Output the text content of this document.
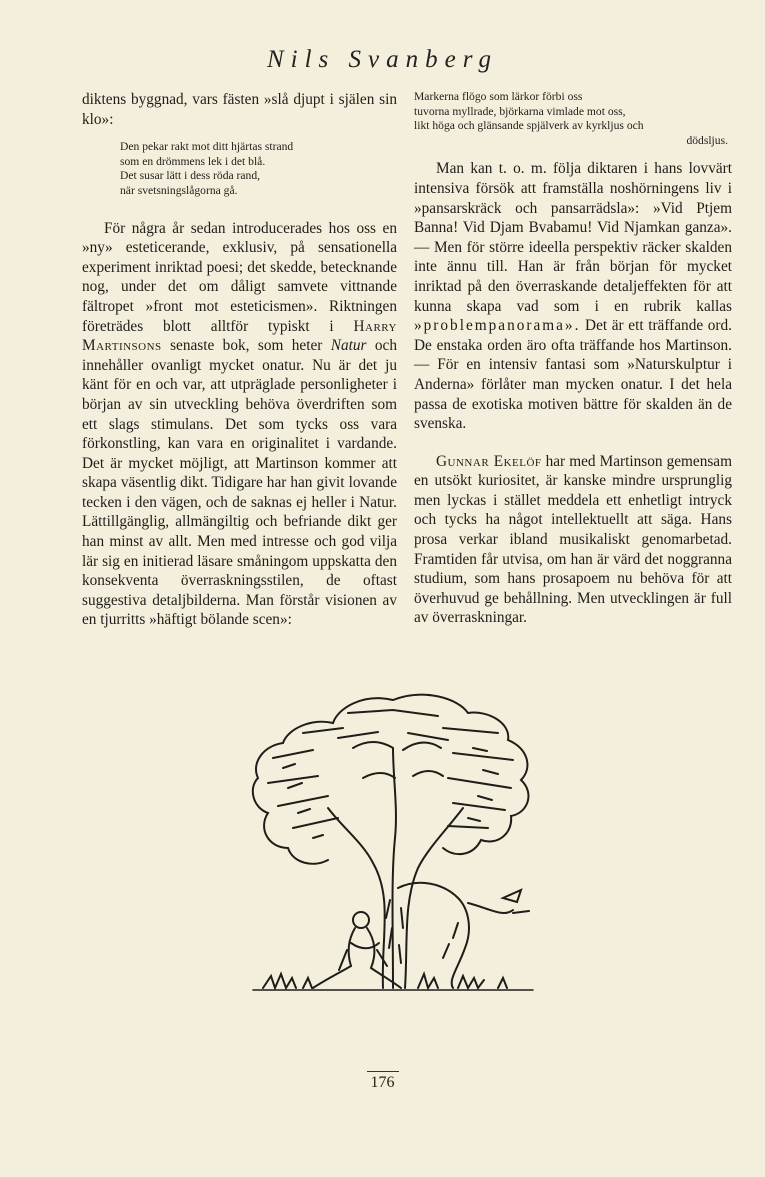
Nils Svanberg

diktens byggnad, vars fästen »slå djupt i själen sin klo»:

Den pekar rakt mot ditt hjärtas strand
som en drömmens lek i det blå.
Det susar lätt i dess röda rand,
när svetsningslågorna gå.

För några år sedan introducerades hos oss en »ny» esteticerande, exklusiv, på sensationella experiment inriktad poesi; det skedde, betecknande nog, under det om dåligt samvete vittnande fältropet »front mot esteticismen». Riktningen företrädes blott alltför typiskt i Harry Martinsons senaste bok, som heter Natur och innehåller ovanligt mycket onatur. Nu är det ju känt för en och var, att utpräglade personligheter i början av sin utveckling behöva överdriften som ett slags stimulans. Det som tycks oss vara förkonstling, kan vara en originalitet i vardande. Det är mycket möjligt, att Martinson kommer att skapa väsentlig dikt. Tidigare har han givit lovande tecken i den vägen, och de saknas ej heller i Natur. Lättillgänglig, allmängiltig och befriande dikt ger han minst av allt. Men med intresse och god vilja lär sig en initierad läsare småningom uppskatta den konsekventa överraskningsstilen, de oftast suggestiva detaljbilderna. Man förstår visionen av en tjurritts »häftigt bölande scen»:

Markerna flögo som lärkor förbi oss
tuvorna myllrade, björkarna vimlade mot oss,
likt höga och glänsande spjälverk av kyrkljus och
dödsljus.

Man kan t. o. m. följa diktaren i hans lovvärt intensiva försök att framställa noshörningens liv i »pansarskräck och pansarrädsla»: »Vid Ptjem Banna! Vid Djam Bvabamu! Vid Njamkan ganza». — Men för större ideella perspektiv räcker skalden inte ännu till. Han är från början för mycket inriktad på den överraskande detaljeffekten för att kunna skapa vad som i en rubrik kallas »problempanorama». Det är ett träffande ord. De enstaka orden äro ofta träffande hos Martinson. — För en intensiv fantasi som »Naturskulptur i Anderna» förlåter man mycken onatur. I det hela passa de exotiska motiven bättre för skalden än de svenska.

Gunnar Ekelöf har med Martinson gemensam en utsökt kuriositet, är kanske mindre ursprunglig men lyckas i stället meddela ett enhetligt intryck och tycks ha något intellektuellt att säga. Hans prosa verkar ibland musikaliskt genomarbetad. Framtiden får utvisa, om han är värd det noggranna studium, som hans prosapoem nu behöva för att överhuvud ge behållning. Men utvecklingen är full av överraskningar.

176
